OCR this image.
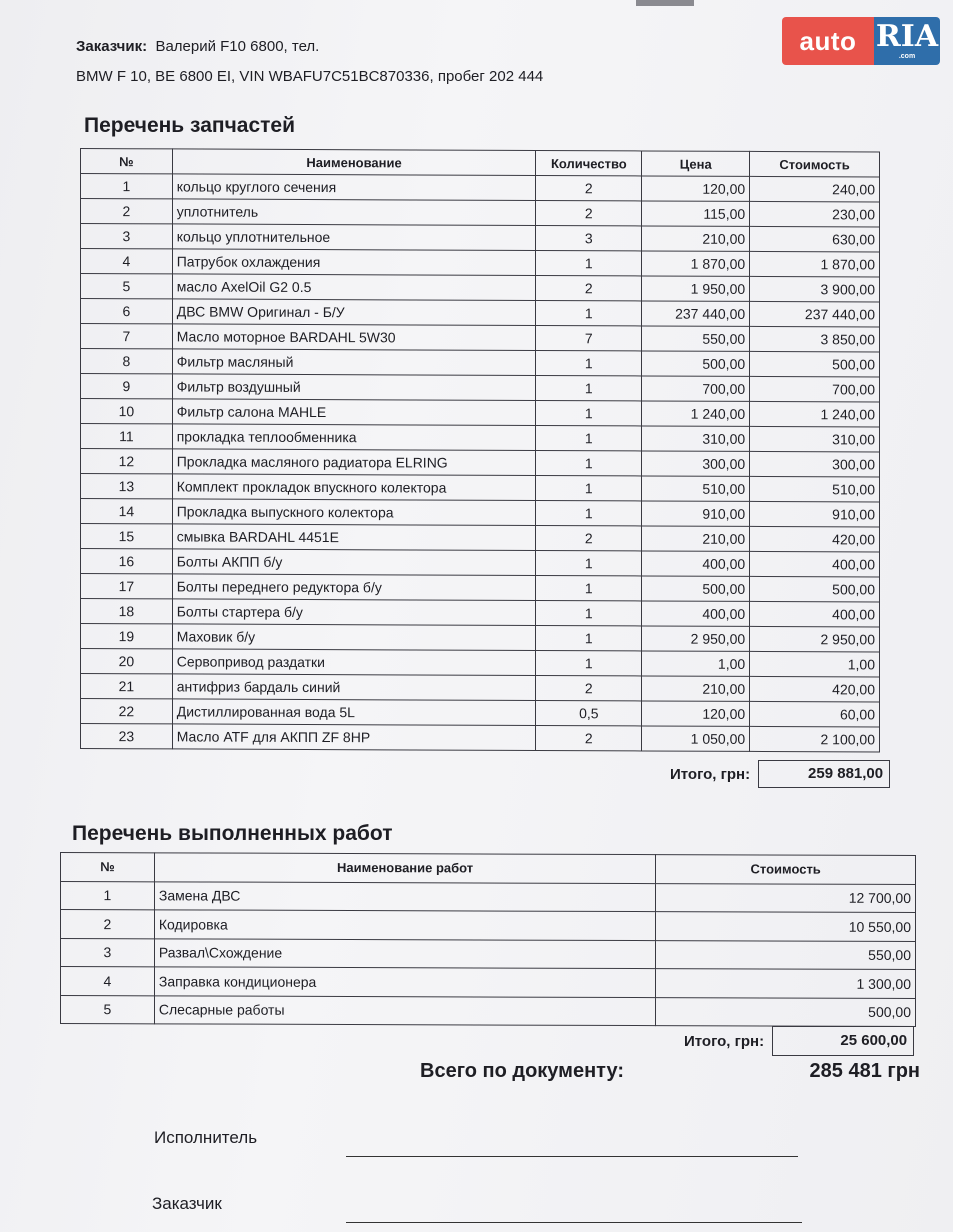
auto RIA
.com
Заказчик: Валерий F10 6800, тел.
BMW F 10, BE 6800 EI, VIN WBAFU7C51BC870336, пробег 202 444
Перечень запчастей
№	Наименование	Количество	Цена	Стоимость
1	кольцо круглого сечения	2	120,00	240,00
2	уплотнитель	2	115,00	230,00
3	кольцо уплотнительное	3	210,00	630,00
4	Патрубок охлаждения	1	1 870,00	1 870,00
5	масло AxelOil G2 0.5	2	1 950,00	3 900,00
6	ДВС BMW Оригинал - Б/У	1	237 440,00	237 440,00
7	Масло моторное BARDAHL 5W30	7	550,00	3 850,00
8	Фильтр масляный	1	500,00	500,00
9	Фильтр воздушный	1	700,00	700,00
10	Фильтр салона MAHLE	1	1 240,00	1 240,00
11	прокладка теплообменника	1	310,00	310,00
12	Прокладка масляного радиатора ELRING	1	300,00	300,00
13	Комплект прокладок впускного колектора	1	510,00	510,00
14	Прокладка выпускного колектора	1	910,00	910,00
15	смывка BARDAHL 4451E	2	210,00	420,00
16	Болты АКПП б/у	1	400,00	400,00
17	Болты переднего редуктора б/у	1	500,00	500,00
18	Болты стартера б/у	1	400,00	400,00
19	Маховик б/у	1	2 950,00	2 950,00
20	Сервопривод раздатки	1	1,00	1,00
21	антифриз бардаль синий	2	210,00	420,00
22	Дистиллированная вода 5L	0,5	120,00	60,00
23	Масло ATF для АКПП ZF 8HP	2	1 050,00	2 100,00
Итого, грн:	259 881,00
Перечень выполненных работ
№	Наименование работ	Стоимость
1	Замена ДВС	12 700,00
2	Кодировка	10 550,00
3	Развал\Схождение	550,00
4	Заправка кондиционера	1 300,00
5	Слесарные работы	500,00
Итого, грн:	25 600,00
Всего по документу:	285 481 грн
Исполнитель
Заказчик
